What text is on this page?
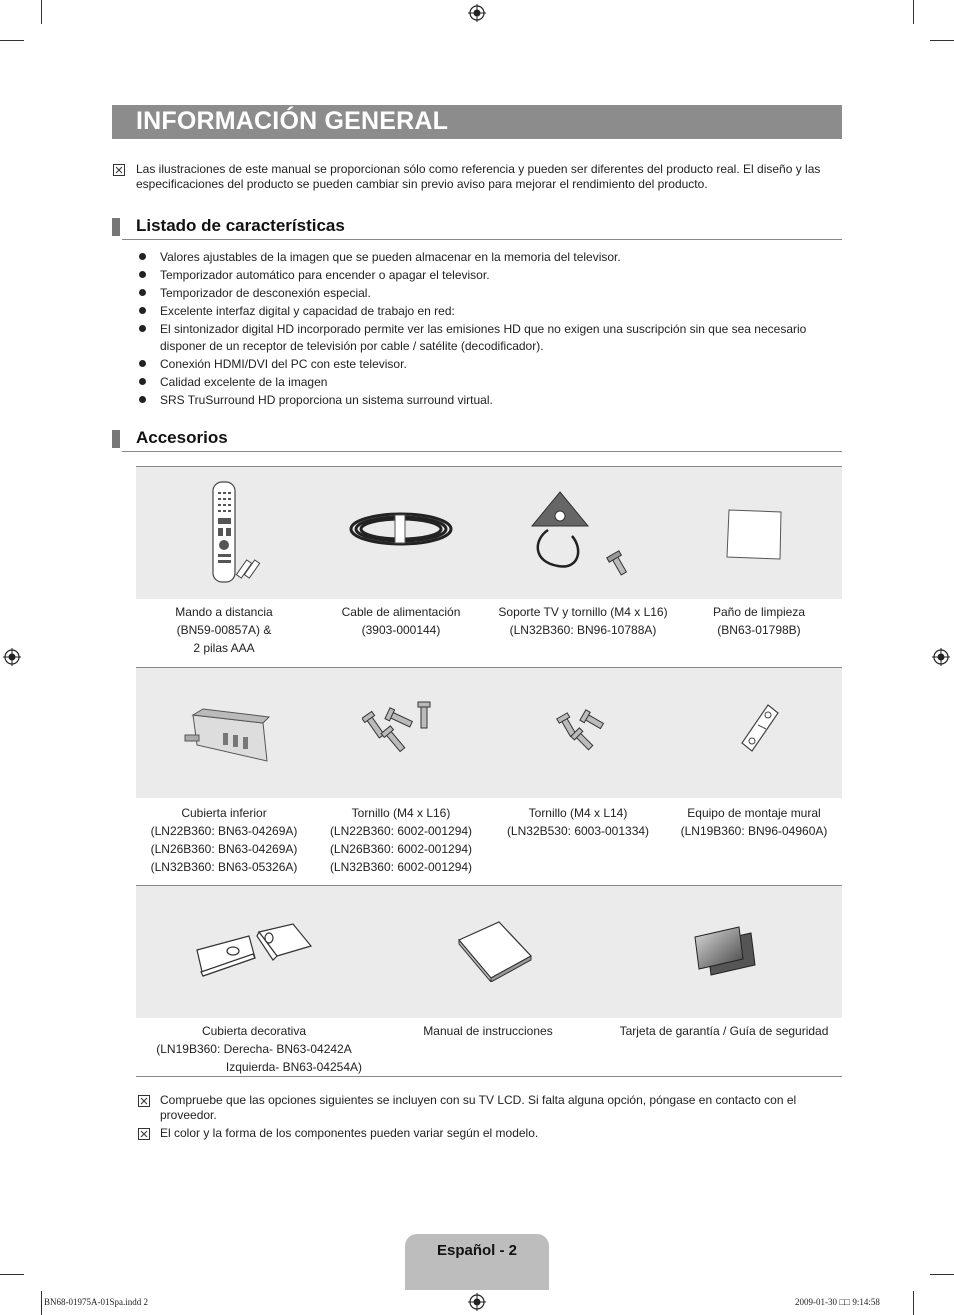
INFORMACIÓN GENERAL
Las ilustraciones de este manual se proporcionan sólo como referencia y pueden ser diferentes del producto real. El diseño y las especificaciones del producto se pueden cambiar sin previo aviso para mejorar el rendimiento del producto.
Listado de características
Valores ajustables de la imagen que se pueden almacenar en la memoria del televisor.
Temporizador automático para encender o apagar el televisor.
Temporizador de desconexión especial.
Excelente interfaz digital y capacidad de trabajo en red:
El sintonizador digital HD incorporado permite ver las emisiones HD que no exigen una suscripción sin que sea necesario disponer de un receptor de televisión por cable / satélite (decodificador).
Conexión HDMI/DVI del PC con este televisor.
Calidad excelente de la imagen
SRS TruSurround HD proporciona un sistema surround virtual.
Accesorios
Mando a distancia
(BN59-00857A) &
2 pilas AAA
Cable de alimentación
(3903-000144)
Soporte TV y tornillo (M4 x L16)
(LN32B360: BN96-10788A)
Paño de limpieza
(BN63-01798B)
Cubierta inferior
(LN22B360: BN63-04269A)
(LN26B360: BN63-04269A)
(LN32B360: BN63-05326A)
Tornillo (M4 x L16)
(LN22B360: 6002-001294)
(LN26B360: 6002-001294)
(LN32B360: 6002-001294)
Tornillo (M4 x L14)
(LN32B530: 6003-001334)
Equipo de montaje mural
(LN19B360: BN96-04960A)
Cubierta decorativa
(LN19B360: Derecha- BN63-04242A
Izquierda- BN63-04254A)
Manual de instrucciones	Tarjeta de garantía / Guía de seguridad
Compruebe que las opciones siguientes se incluyen con su TV LCD. Si falta alguna opción, póngase en contacto con el proveedor.
El color y la forma de los componentes pueden variar según el modelo.
Español - 2
BN68-01975A-01Spa.indd 2	2009-01-30 □□ 9:14:58
